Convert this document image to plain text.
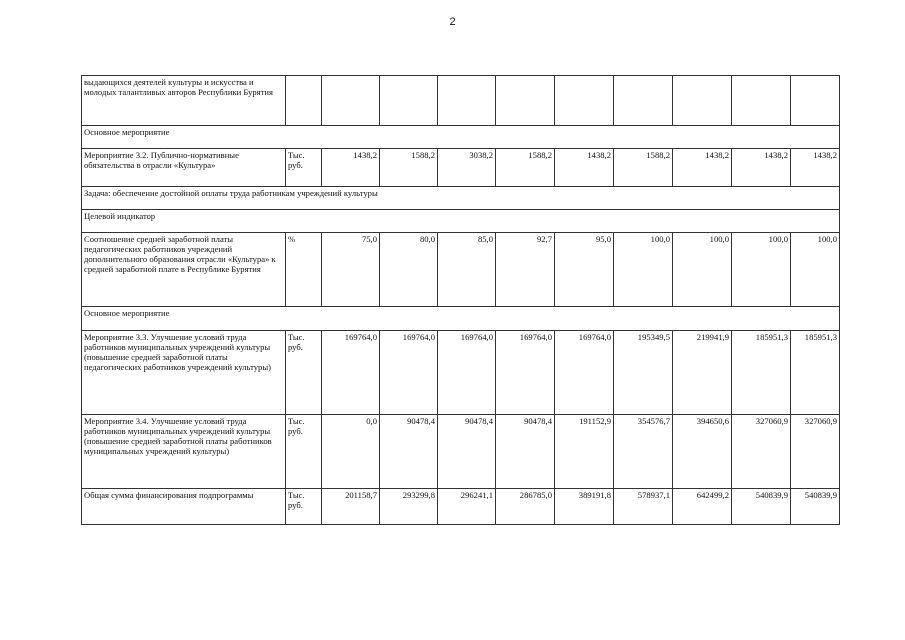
2
выдающихся деятелей культуры и искусства и молодых талантливых авторов Республики Бурятия										
Основное мероприятие										
Мероприятие 3.2. Публично-нормативные обязательства в отрасли «Культура»	Тыс. руб.	1438,2	1588,2	3038,2	1588,2	1438,2	1588,2	1438,2	1438,2	1438,2
Задача: обеспечение достойной оплаты труда работникам учреждений культуры										
Целевой индикатор										
Соотношение средней заработной платы педагогических работников учреждений дополнительного образования отрасли «Культура» к средней заработной плате в Республике Бурятия	%	75,0	80,0	85,0	92,7	95,0	100,0	100,0	100,0	100,0
Основное мероприятие										
Мероприятие 3.3. Улучшение условий труда работников муниципальных учреждений культуры (повышение средней заработной платы педагогических работников учреждений культуры)	Тыс. руб.	169764,0	169764,0	169764,0	169764,0	169764,0	195349,5	219941,9	185951,3	185951,3
Мероприятие 3.4. Улучшение условий труда работников муниципальных учреждений культуры (повышение средней заработной платы работников муниципальных учреждений культуры)	Тыс. руб.	0,0	90478,4	90478,4	90478,4	191152,9	354576,7	394650,6	327060,9	327060,9
Общая сумма финансирования подпрограммы	Тыс. руб.	201158,7	293299,8	296241,1	286785,0	389191,8	578937,1	642499,2	540839,9	540839,9
